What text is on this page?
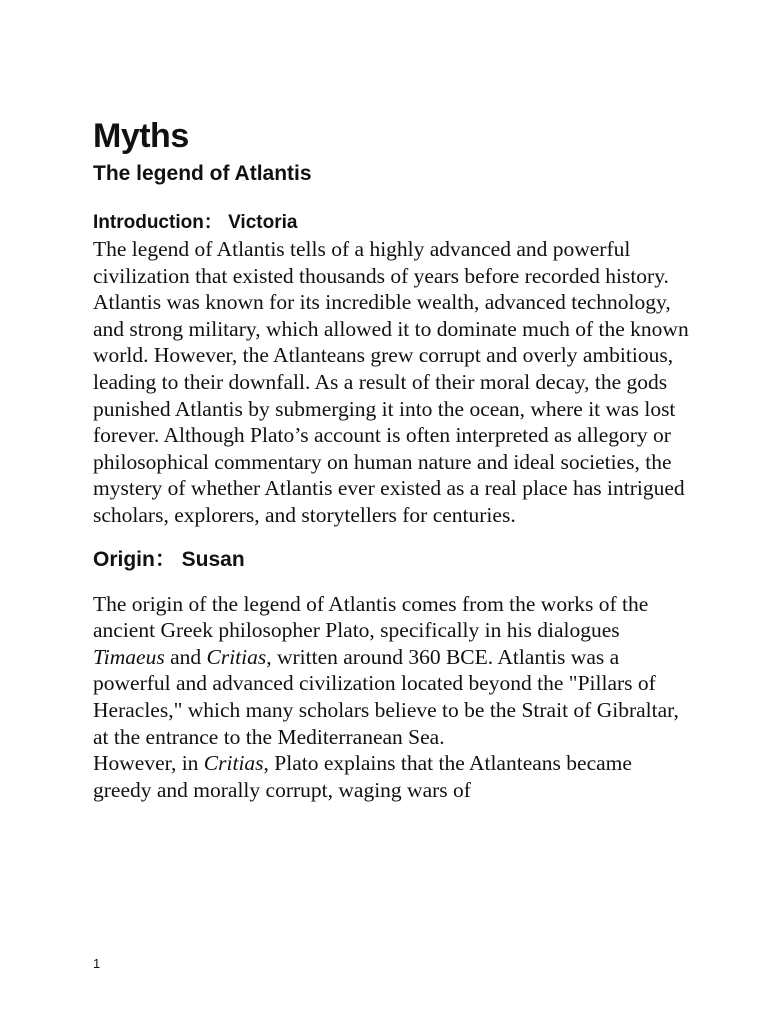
Myths
The legend of Atlantis
Introduction： Victoria

The legend of Atlantis tells of a highly advanced and powerful civilization that existed thousands of years before recorded history. Atlantis was known for its incredible wealth, advanced technology, and strong military, which allowed it to dominate much of the known world. However, the Atlanteans grew corrupt and overly ambitious, leading to their downfall. As a result of their moral decay, the gods punished Atlantis by submerging it into the ocean, where it was lost forever. Although Plato’s account is often interpreted as allegory or philosophical commentary on human nature and ideal societies, the mystery of whether Atlantis ever existed as a real place has intrigued scholars, explorers, and storytellers for centuries.

Origin： Susan

The origin of the legend of Atlantis comes from the works of the ancient Greek philosopher Plato, specifically in his dialogues Timaeus and Critias, written around 360 BCE. Atlantis was a powerful and advanced civilization located beyond the "Pillars of Heracles," which many scholars believe to be the Strait of Gibraltar, at the entrance to the Mediterranean Sea.

However, in Critias, Plato explains that the Atlanteans became greedy and morally corrupt, waging wars of

1
